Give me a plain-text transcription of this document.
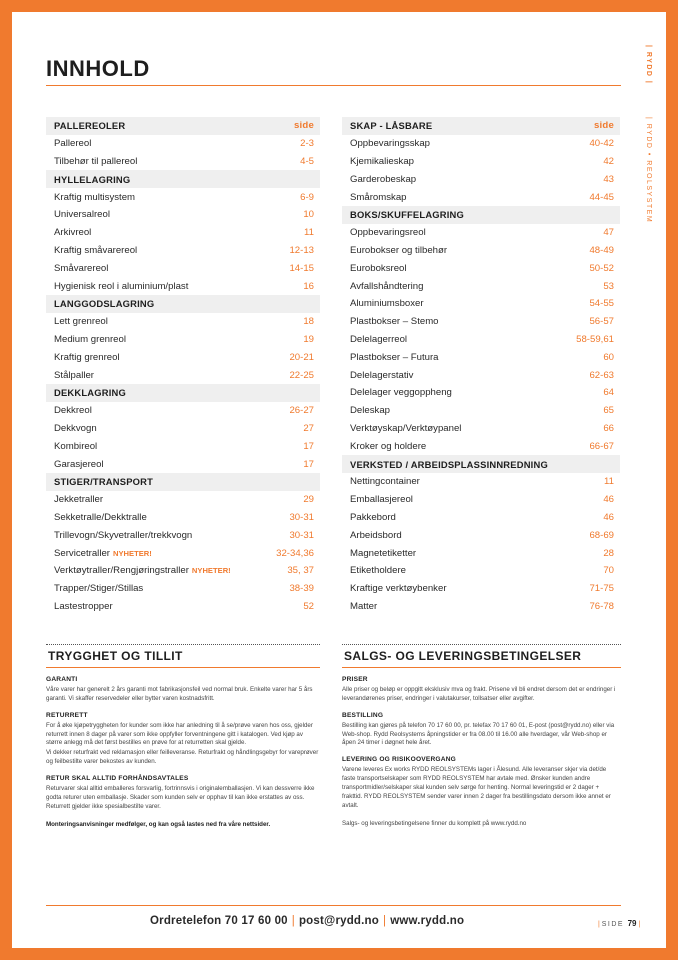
INNHOLD	| RYDD |
| RYDD • REOLSYSTEM
PALLEREOLER	side
Pallereol	2-3
Tilbehør til pallereol	4-5
HYLLELAGRING
Kraftig multisystem	6-9
Universalreol	10
Arkivreol	11
Kraftig småvarereol	12-13
Småvarereol	14-15
Hygienisk reol i aluminium/plast	16
LANGGODSLAGRING
Lett grenreol	18
Medium grenreol	19
Kraftig grenreol	20-21
Stålpaller	22-25
DEKKLAGRING
Dekkreol	26-27
Dekkvogn	27
Kombireol	17
Garasjereol	17
STIGER/TRANSPORT
Jekketraller	29
Sekketralle/Dekktralle	30-31
Trillevogn/Skyvetraller/trekkvogn	30-31
Servicetraller NYHETER!	32-34,36
Verktøytraller/Rengjøringstraller NYHETER!	35, 37
Trapper/Stiger/Stillas	38-39
Lastestropper	52
SKAP - LÅSBARE	side
Oppbevaringsskap	40-42
Kjemikalieskap	42
Garderobeskap	43
Småromskap	44-45
BOKS/SKUFFELAGRING
Oppbevaringsreol	47
Eurobokser og tilbehør	48-49
Euroboksreol	50-52
Avfallshåndtering	53
Aluminiumsboxer	54-55
Plastbokser – Stemo	56-57
Delelagerreol	58-59,61
Plastbokser – Futura	60
Delelagerstativ	62-63
Delelager veggoppheng	64
Deleskap	65
Verktøyskap/Verktøypanel	66
Kroker og holdere	66-67
VERKSTED / ARBEIDSPLASSINNREDNING
Nettingcontainer	11
Emballasjereol	46
Pakkebord	46
Arbeidsbord	68-69
Magnetetiketter	28
Etiketholdere	70
Kraftige verktøybenker	71-75
Matter	76-78
TRYGGHET OG TILLIT	SALGS- OG LEVERINGSBETINGELSER
GARANTI
Våre varer har generelt 2 års garanti mot fabrikasjonsfeil ved normal bruk. Enkelte varer har 5 års garanti. Vi skaffer reservedeler eller bytter varen kostnadsfritt.
RETURRETT
For å øke kjøpetryggheten for kunder som ikke har anledning til å se/prøve varen hos oss, gjelder returrett innen 8 dager på varer som ikke oppfyller forventningene gitt i katalogen. Ved kjøp av større anlegg må det først bestilles en prøve for at returretten skal gjelde.
Vi dekker returfrakt ved reklamasjon eller feilleveranse. Returfrakt og håndlingsgebyr for vareprøver og feilbestilte varer bekostes av kunden.
RETUR SKAL ALLTID FORHÅNDSAVTALES
Returvarer skal alltid emballeres forsvarlig, fortrinnsvis i originalemballasjen. Vi kan dessverre ikke godta returer uten emballasje. Skader som kunden selv er opphav til kan ikke erstattes av oss. Returrett gjelder ikke spesialbestilte varer.
Monteringsanvisninger medfølger, og kan også lastes ned fra våre nettsider.
PRISER
Alle priser og beløp er oppgitt eksklusiv mva og frakt. Prisene vil bli endret dersom det er endringer i leverandørenes priser, endringer i valutakurser, tollsatser eller avgifter.
BESTILLING
Bestilling kan gjøres på telefon 70 17 60 00, pr. telefax 70 17 60 01, E-post (post@rydd.no) eller via Web-shop. Rydd Reolsystems åpningstider er fra 08.00 til 16.00 alle hverdager, vår Web-shop er åpen 24 timer i døgnet hele året.
LEVERING OG RISIKOOVERGANG
Varene leveres Ex works RYDD REOLSYSTEMs lager i Ålesund. Alle leveranser skjer via det/de faste transportselskaper som RYDD REOLSYSTEM har avtale med. Ønsker kunden andre transportmidler/selskaper skal kunden selv sørge for henting. Normal leveringstid er 2 dager + frakttid. RYDD REOLSYSTEM sender varer innen 2 dager fra bestillingsdato dersom ikke annet er avtalt.
Salgs- og leveringsbetingelsene finner du komplett på www.rydd.no
Ordretelefon 70 17 60 00 | post@rydd.no | www.rydd.no	| SIDE 79 |
